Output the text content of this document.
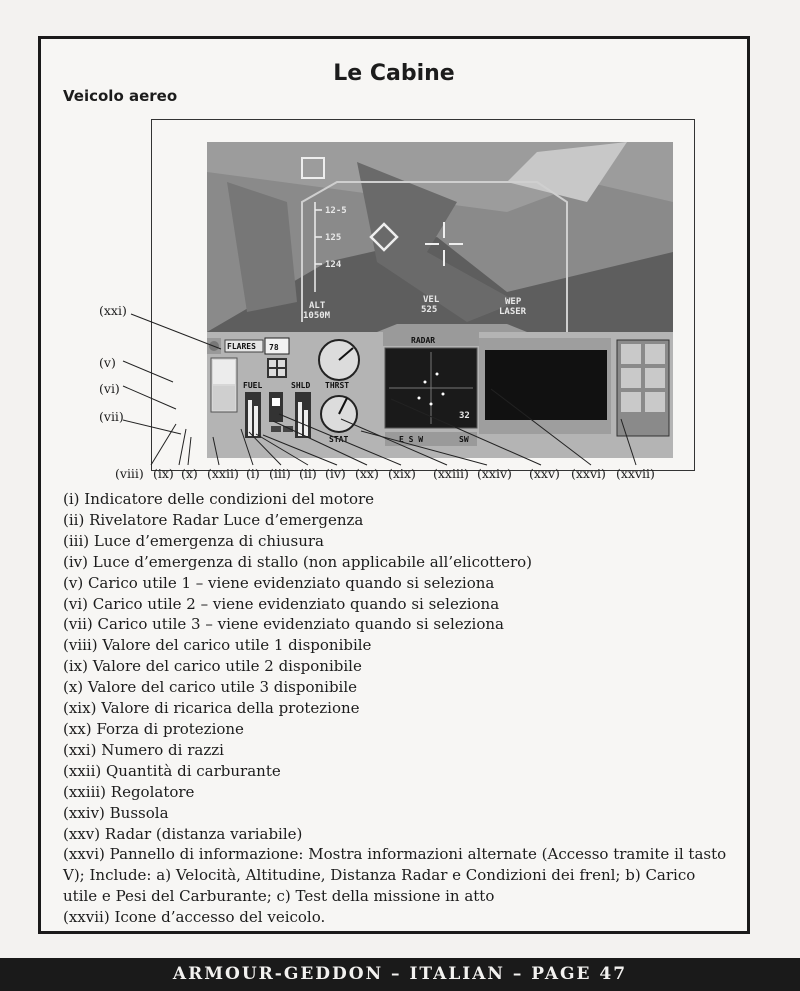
Le Cabine
Veicolo aereo
12-5
125
124
ALT
1050M
VEL
525
WEP
LASER
FLARES 78
FUEL	SHLD THRST
STAT
RADAR
32
E S W	SW
(xxi)
(v)
(vi)
(vii)
(viii) (ix) (x) (xxii) (i) (iii) (ii) (iv) (xx) (xix) (xxiii) (xxiv) (xxv) (xxvi) (xxvii)

(i) Indicatore delle condizioni del motore

(ii) Rivelatore Radar Luce d’emergenza

(iii) Luce d’emergenza di chiusura

(iv) Luce d’emergenza di stallo (non applicabile all’elicottero)

(v) Carico utile 1 – viene evidenziato quando si seleziona

(vi) Carico utile 2 – viene evidenziato quando si seleziona

(vii) Carico utile 3 – viene evidenziato quando si seleziona

(viii) Valore del carico utile 1 disponibile

(ix) Valore del carico utile 2 disponibile

(x) Valore del carico utile 3 disponibile

(xix) Valore di ricarica della protezione

(xx) Forza di protezione

(xxi) Numero di razzi

(xxii) Quantità di carburante

(xxiii) Regolatore

(xxiv) Bussola

(xxv) Radar (distanza variabile)

(xxvi) Pannello di informazione: Mostra informazioni alternate (Accesso tramite il tasto V); Include: a) Velocità, Altitudine, Distanza Radar e Condizioni dei frenl; b) Carico utile e Pesi del Carburante; c) Test della missione in atto

(xxvii) Icone d’accesso del veicolo.

ARMOUR-GEDDON – ITALIAN – PAGE 47
